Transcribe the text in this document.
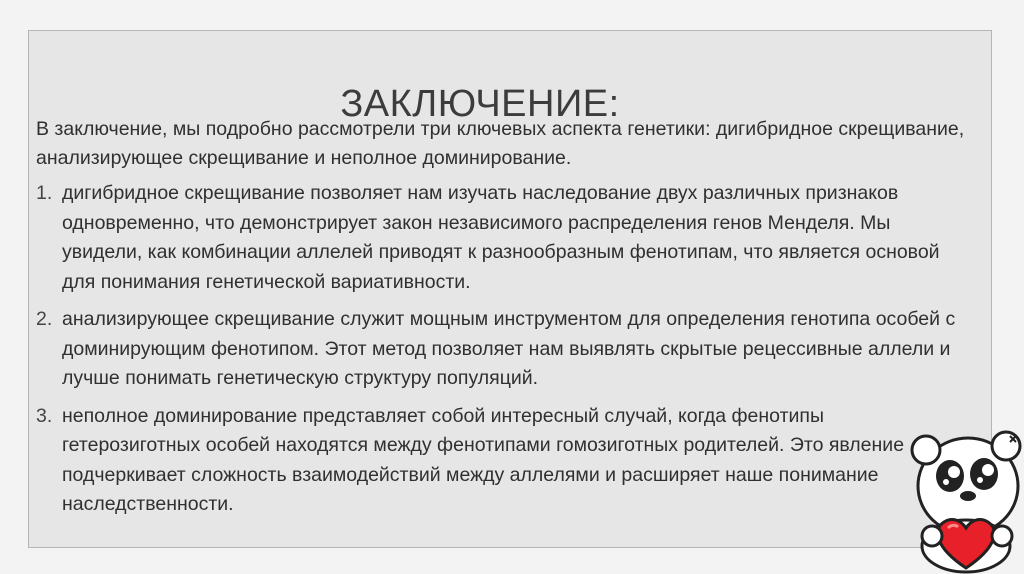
ЗАКЛЮЧЕНИЕ:
В заключение, мы подробно рассмотрели три ключевых аспекта генетики: дигибридное скрещивание, анализирующее скрещивание и неполное доминирование.
1. дигибридное скрещивание позволяет нам изучать наследование двух различных признаков одновременно, что демонстрирует закон независимого распределения генов Менделя. Мы увидели, как комбинации аллелей приводят к разнообразным фенотипам, что является основой для понимания генетической вариативности.
2. анализирующее скрещивание служит мощным инструментом для определения генотипа особей с доминирующим фенотипом. Этот метод позволяет нам выявлять скрытые рецессивные аллели и лучше понимать генетическую структуру популяций.
3. неполное доминирование представляет собой интересный случай, когда фенотипы гетерозиготных особей находятся между фенотипами гомозиготных родителей. Это явление подчеркивает сложность взаимодействий между аллелями и расширяет наше понимание наследственности.
